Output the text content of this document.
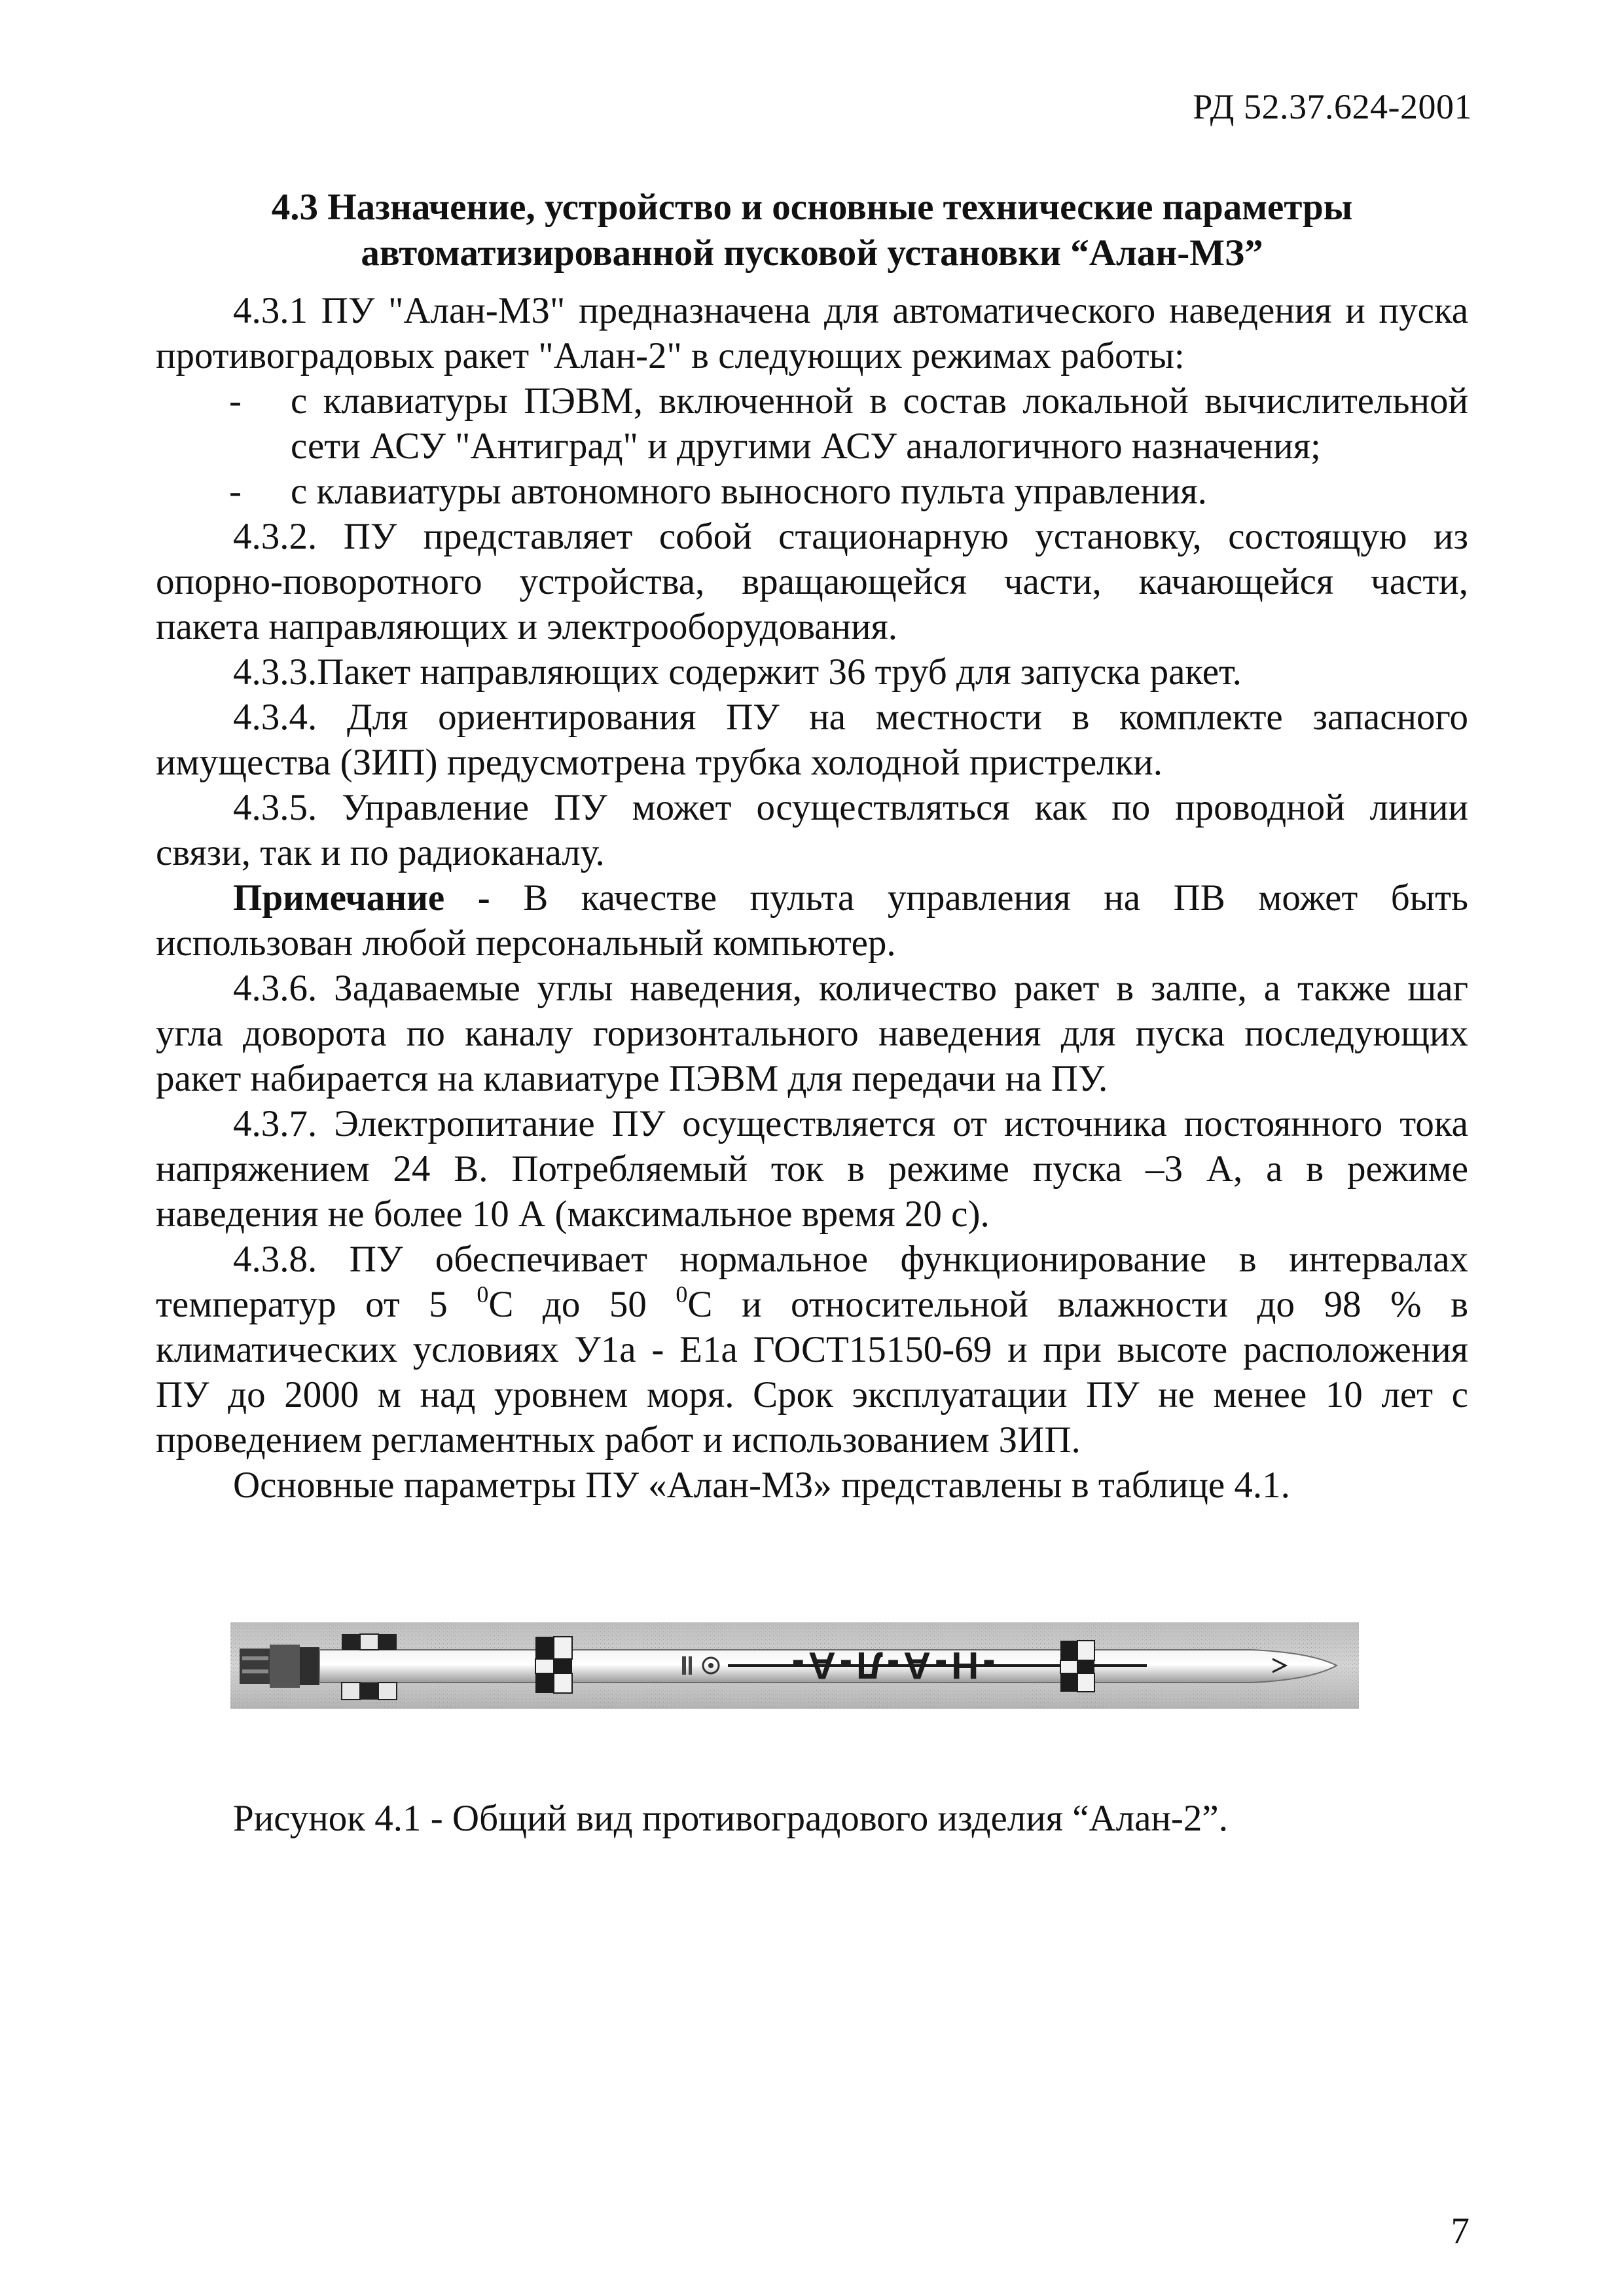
РД 52.37.624-2001
4.3 Назначение, устройство и основные технические параметры
автоматизированной пусковой установки “Алан-МЗ”

4.3.1 ПУ "Алан-МЗ" предназначена для автоматического наведения и пуска
противоградовых ракет "Алан-2" в следующих режимах работы:

- с клавиатуры ПЭВМ, включенной в состав локальной вычислительной
сети АСУ "Антиград" и другими АСУ аналогичного назначения;

- с клавиатуры автономного выносного пульта управления.

4.3.2. ПУ представляет собой стационарную установку, состоящую из
опорно-поворотного устройства, вращающейся части, качающейся части,
пакета направляющих и электрооборудования.

4.3.3.Пакет направляющих содержит 36 труб для запуска ракет.

4.3.4. Для ориентирования ПУ на местности в комплекте запасного
имущества (ЗИП) предусмотрена трубка холодной пристрелки.

4.3.5. Управление ПУ может осуществляться как по проводной линии
связи, так и по радиоканалу.

Примечание - В качестве пульта управления на ПВ может быть
использован любой персональный компьютер.

4.3.6. Задаваемые углы наведения, количество ракет в залпе, а также шаг
угла доворота по каналу горизонтального наведения для пуска последующих
ракет набирается на клавиатуре ПЭВМ для передачи на ПУ.

4.3.7. Электропитание ПУ осуществляется от источника постоянного тока
напряжением 24 В. Потребляемый ток в режиме пуска –3 А, а в режиме
наведения не более 10 А (максимальное время 20 с).

4.3.8. ПУ обеспечивает нормальное функционирование в интервалах
температур от 5 $^0$С до 50 $^0$С и относительной влажности до 98 % в
климатических условиях У1а - Е1а ГОСТ15150-69 и при высоте расположения
ПУ до 2000 м над уровнем моря. Срок эксплуатации ПУ не менее 10 лет с
проведением регламентных работ и использованием ЗИП.

Основные параметры ПУ «Алан-МЗ» представлены в таблице 4.1.

-Н-А-Л-А-
Рисунок 4.1 - Общий вид противоградового изделия “Алан-2”.
7
